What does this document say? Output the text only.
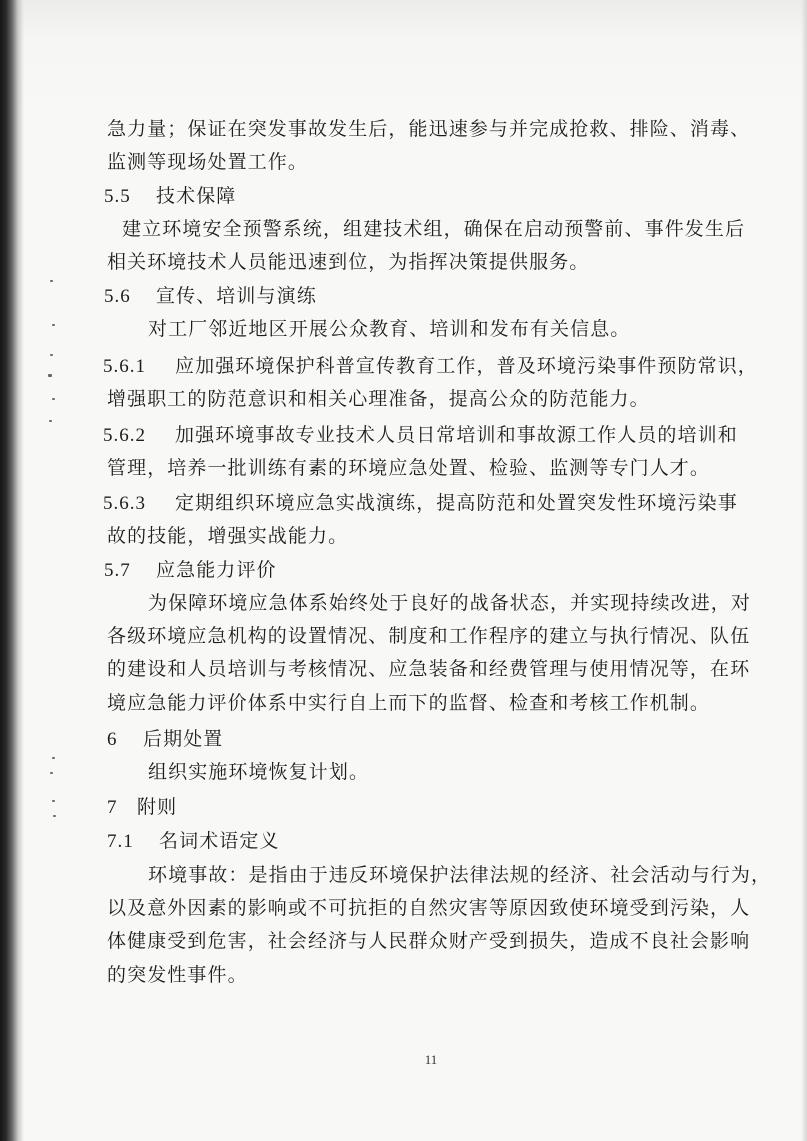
急力量；保证在突发事故发生后，能迅速参与并完成抢救、排险、消毒、
监测等现场处置工作。
5.5 技术保障
建立环境安全预警系统，组建技术组，确保在启动预警前、事件发生后
相关环境技术人员能迅速到位，为指挥决策提供服务。
5.6 宣传、培训与演练
对工厂邻近地区开展公众教育、培训和发布有关信息。
5.6.1 应加强环境保护科普宣传教育工作，普及环境污染事件预防常识，
增强职工的防范意识和相关心理准备，提高公众的防范能力。
5.6.2 加强环境事故专业技术人员日常培训和事故源工作人员的培训和
管理，培养一批训练有素的环境应急处置、检验、监测等专门人才。
5.6.3 定期组织环境应急实战演练，提高防范和处置突发性环境污染事
故的技能，增强实战能力。
5.7 应急能力评价
为保障环境应急体系始终处于良好的战备状态，并实现持续改进，对
各级环境应急机构的设置情况、制度和工作程序的建立与执行情况、队伍
的建设和人员培训与考核情况、应急装备和经费管理与使用情况等，在环
境应急能力评价体系中实行自上而下的监督、检查和考核工作机制。
6 后期处置
组织实施环境恢复计划。
7 附则
7.1 名词术语定义
环境事故：是指由于违反环境保护法律法规的经济、社会活动与行为，
以及意外因素的影响或不可抗拒的自然灾害等原因致使环境受到污染，人
体健康受到危害，社会经济与人民群众财产受到损失，造成不良社会影响
的突发性事件。
11
